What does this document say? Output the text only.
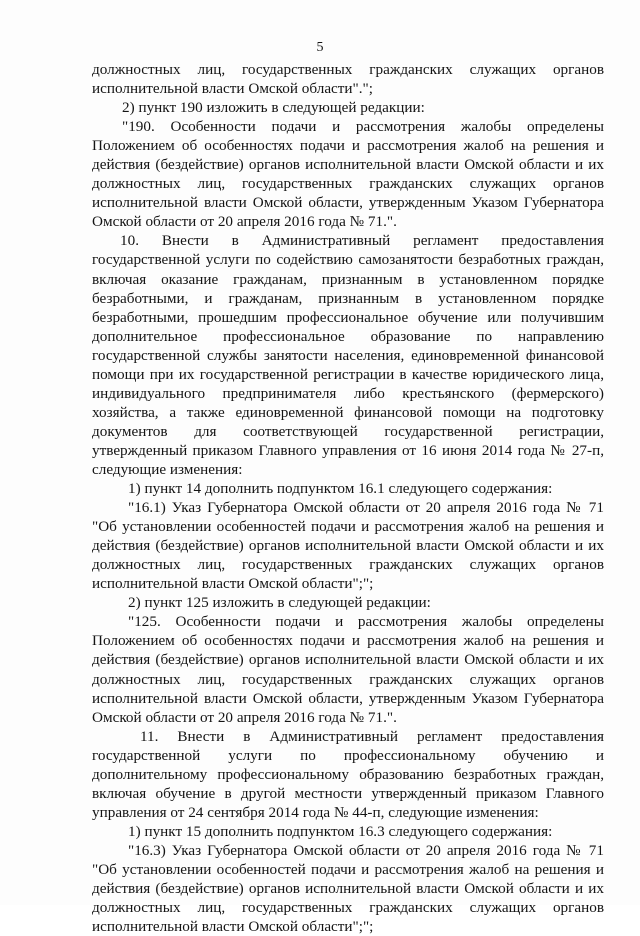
5
должностных лиц, государственных гражданских служащих органов
исполнительной власти Омской области".";
2) пункт 190 изложить в следующей редакции:
"190. Особенности подачи и рассмотрения жалобы определены
Положением об особенностях подачи и рассмотрения жалоб на решения и
действия (бездействие) органов исполнительной власти Омской области и их
должностных лиц, государственных гражданских служащих органов
исполнительной власти Омской области, утвержденным Указом Губернатора
Омской области от 20 апреля 2016 года № 71.".
10. Внести в Административный регламент предоставления
государственной услуги по содействию самозанятости безработных граждан,
включая оказание гражданам, признанным в установленном порядке
безработными, и гражданам, признанным в установленном порядке
безработными, прошедшим профессиональное обучение или получившим
дополнительное профессиональное образование по направлению
государственной службы занятости населения, единовременной финансовой
помощи при их государственной регистрации в качестве юридического лица,
индивидуального предпринимателя либо крестьянского (фермерского)
хозяйства, а также единовременной финансовой помощи на подготовку
документов для соответствующей государственной регистрации,
утвержденный приказом Главного управления от 16 июня 2014 года № 27-п,
следующие изменения:
1) пункт 14 дополнить подпунктом 16.1 следующего содержания:
"16.1) Указ Губернатора Омской области от 20 апреля 2016 года № 71
"Об установлении особенностей подачи и рассмотрения жалоб на решения и
действия (бездействие) органов исполнительной власти Омской области и их
должностных лиц, государственных гражданских служащих органов
исполнительной власти Омской области";";
2) пункт 125 изложить в следующей редакции:
"125. Особенности подачи и рассмотрения жалобы определены
Положением об особенностях подачи и рассмотрения жалоб на решения и
действия (бездействие) органов исполнительной власти Омской области и их
должностных лиц, государственных гражданских служащих органов
исполнительной власти Омской области, утвержденным Указом Губернатора
Омской области от 20 апреля 2016 года № 71.".
11. Внести в Административный регламент предоставления
государственной услуги по профессиональному обучению и
дополнительному профессиональному образованию безработных граждан,
включая обучение в другой местности утвержденный приказом Главного
управления от 24 сентября 2014 года № 44-п, следующие изменения:
1) пункт 15 дополнить подпунктом 16.3 следующего содержания:
"16.3) Указ Губернатора Омской области от 20 апреля 2016 года № 71
"Об установлении особенностей подачи и рассмотрения жалоб на решения и
действия (бездействие) органов исполнительной власти Омской области и их
должностных лиц, государственных гражданских служащих органов
исполнительной власти Омской области";";
